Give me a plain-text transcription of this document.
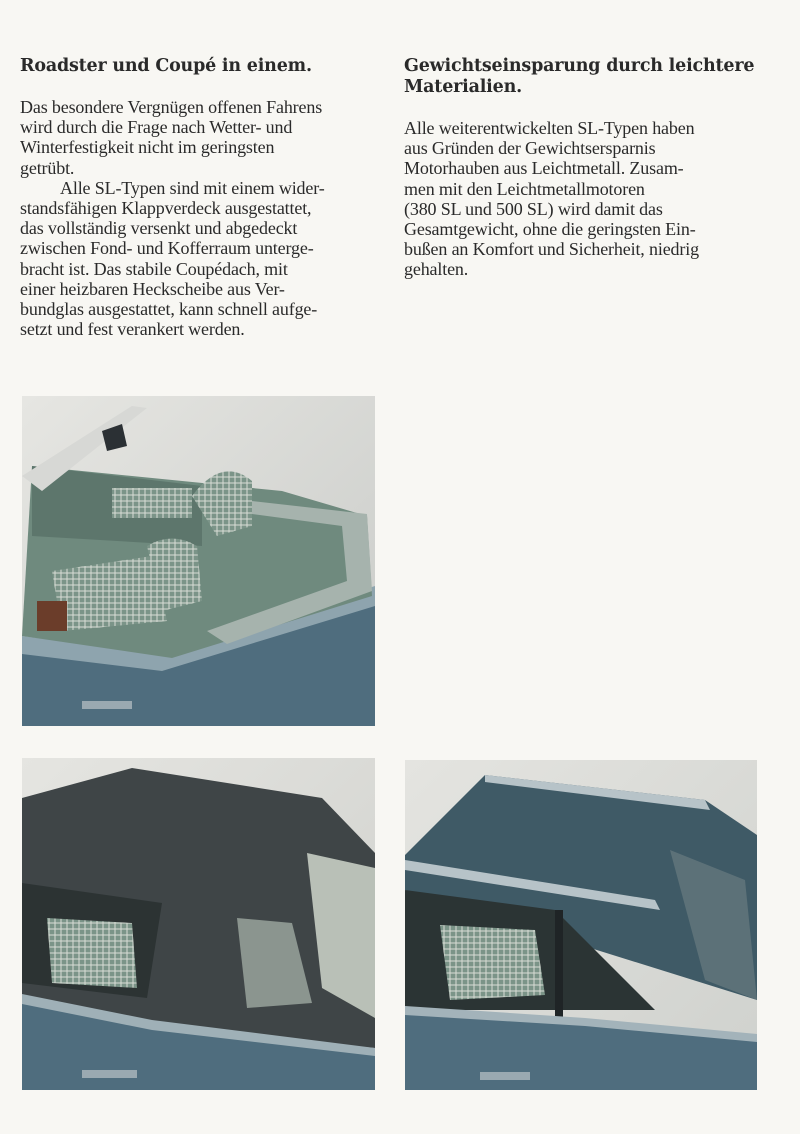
Roadster und Coupé in einem.

Das besondere Vergnügen offenen Fahrens
wird durch die Frage nach Wetter- und
Winterfestigkeit nicht im geringsten
getrübt.

Alle SL-Typen sind mit einem wider-
standsfähigen Klappverdeck ausgestattet,
das vollständig versenkt und abgedeckt
zwischen Fond- und Kofferraum unterge-
bracht ist. Das stabile Coupédach, mit
einer heizbaren Heckscheibe aus Ver-
bundglas ausgestattet, kann schnell aufge-
setzt und fest verankert werden.

Gewichtseinsparung durch leichtere
Materialien.

Alle weiterentwickelten SL-Typen haben
aus Gründen der Gewichtsersparnis
Motorhauben aus Leichtmetall. Zusam-
men mit den Leichtmetallmotoren
(380 SL und 500 SL) wird damit das
Gesamtgewicht, ohne die geringsten Ein-
bußen an Komfort und Sicherheit, niedrig
gehalten.
